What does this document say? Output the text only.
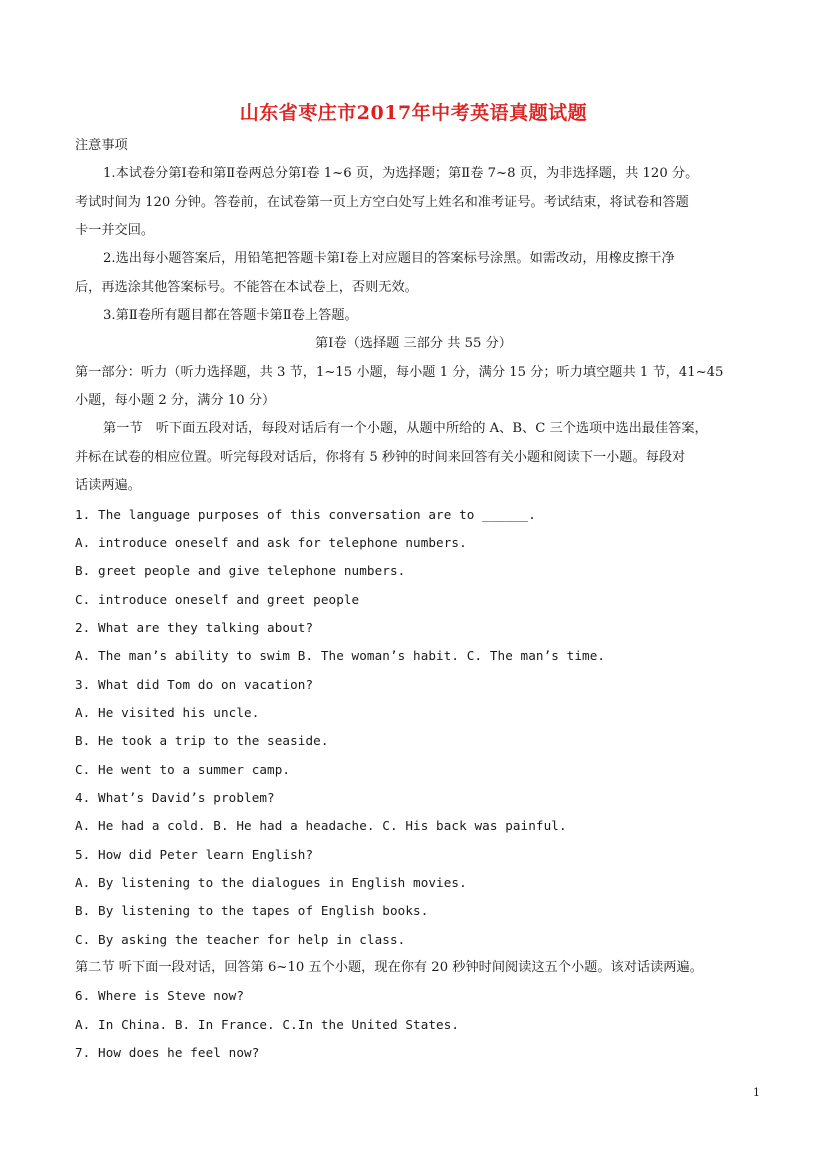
山东省枣庄市2017年中考英语真题试题
注意事项
1.本试卷分第Ⅰ卷和第Ⅱ卷两总分第Ⅰ卷 1~6 页，为选择题；第Ⅱ卷 7~8 页，为非选择题，共 120 分。
考试时间为 120 分钟。答卷前，在试卷第一页上方空白处写上姓名和准考证号。考试结束，将试卷和答题
卡一并交回。
2.选出每小题答案后，用铅笔把答题卡第Ⅰ卷上对应题目的答案标号涂黑。如需改动，用橡皮擦干净
后，再选涂其他答案标号。不能答在本试卷上，否则无效。
3.第Ⅱ卷所有题目都在答题卡第Ⅱ卷上答题。
第Ⅰ卷（选择题 三部分 共 55 分）
第一部分：听力（听力选择题，共 3 节，1~15 小题，每小题 1 分，满分 15 分；听力填空题共 1 节，41~45
小题，每小题 2 分，满分 10 分）
第一节　听下面五段对话，每段对话后有一个小题，从题中所给的 A、B、C 三个选项中选出最佳答案，
并标在试卷的相应位置。听完每段对话后，你将有 5 秒钟的时间来回答有关小题和阅读下一小题。每段对
话读两遍。
1. The language purposes of this conversation are to ______.
A. introduce oneself and ask for telephone numbers.
B. greet people and give telephone numbers.
C. introduce oneself and greet people
2. What are they talking about?
A. The man’s ability to swim B. The woman’s habit. C. The man’s time.
3. What did Tom do on vacation?
A. He visited his uncle.
B. He took a trip to the seaside.
C. He went to a summer camp.
4. What’s David’s problem?
A. He had a cold. B. He had a headache. C. His back was painful.
5. How did Peter learn English?
A. By listening to the dialogues in English movies.
B. By listening to the tapes of English books.
C. By asking the teacher for help in class.
第二节 听下面一段对话，回答第 6~10 五个小题，现在你有 20 秒钟时间阅读这五个小题。该对话读两遍。
6. Where is Steve now?
A. In China. B. In France. C.In the United States.
7. How does he feel now?
1
